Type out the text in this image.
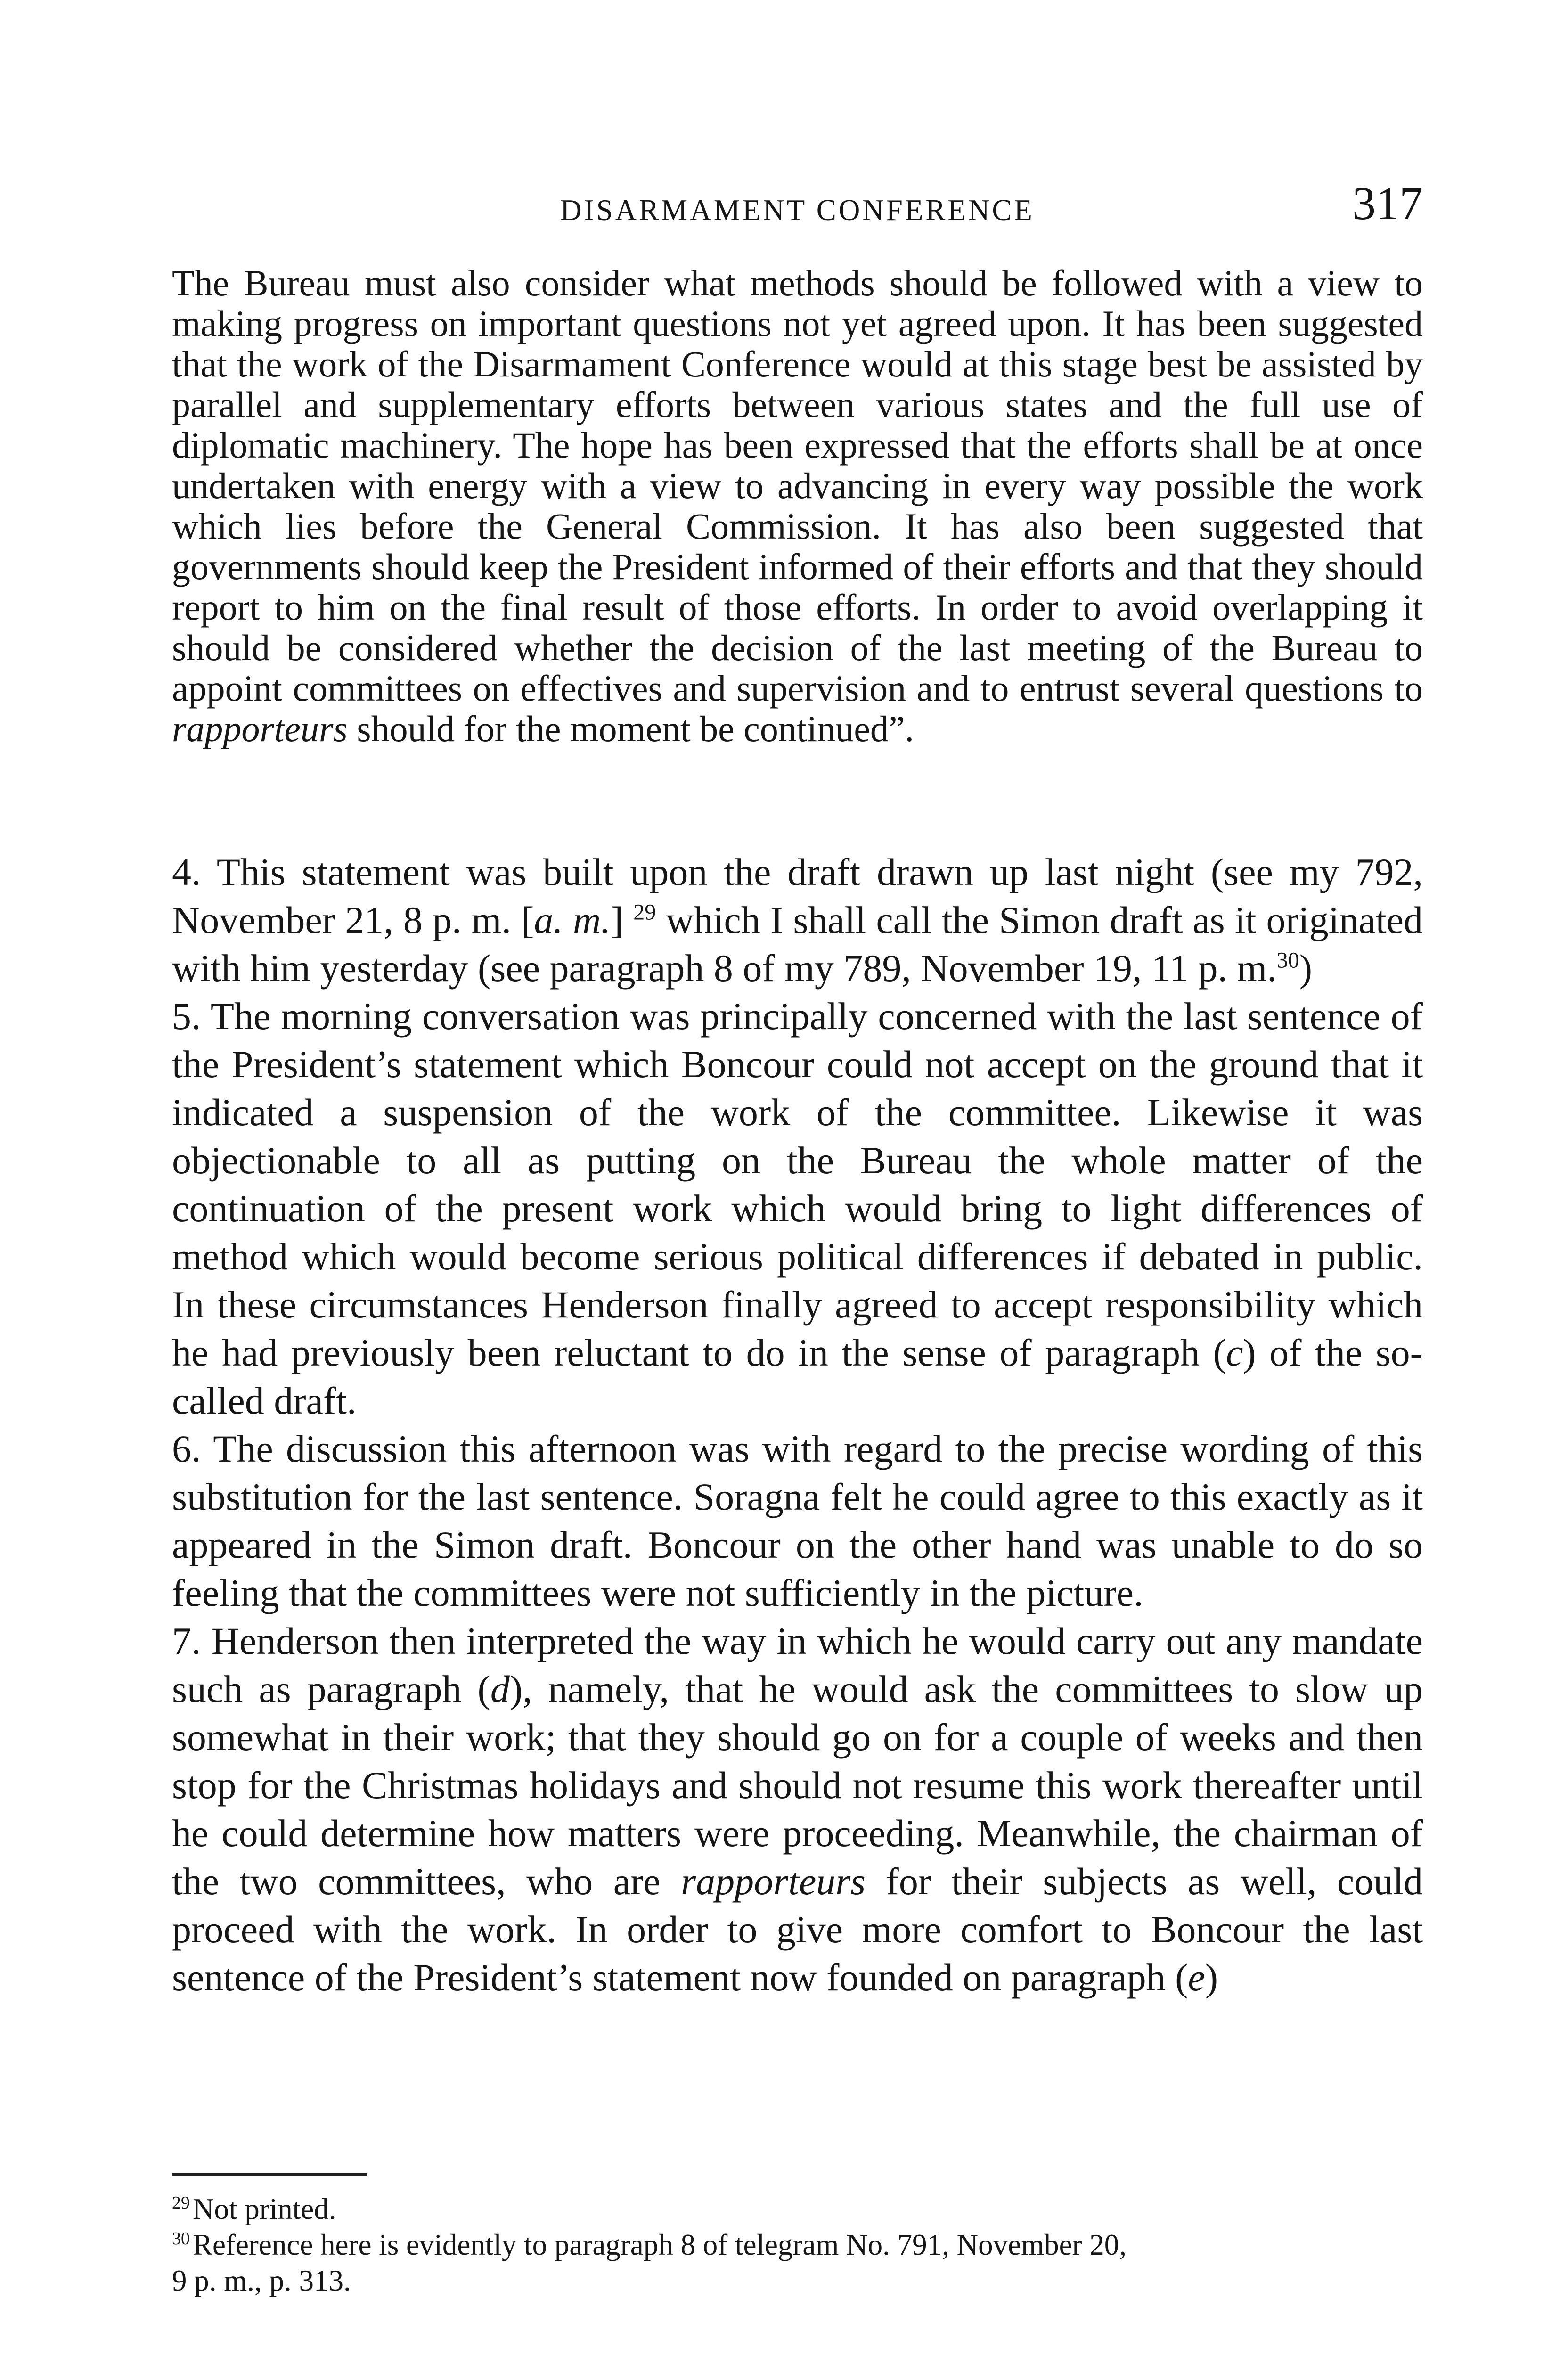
DISARMAMENT CONFERENCE	317

The Bureau must also consider what methods should be followed with a view to making progress on important questions not yet agreed upon. It has been suggested that the work of the Disarmament Conference would at this stage best be assisted by parallel and supplementary efforts between various states and the full use of diplomatic machinery. The hope has been expressed that the efforts shall be at once undertaken with energy with a view to advancing in every way possible the work which lies before the General Commission. It has also been suggested that governments should keep the President informed of their efforts and that they should report to him on the final result of those efforts. In order to avoid overlapping it should be considered whether the decision of the last meeting of the Bureau to appoint committees on effectives and supervision and to entrust several questions to rapporteurs should for the moment be continued”.

4. This statement was built upon the draft drawn up last night (see my 792, November 21, 8 p. m. [a. m.] $^{29}$ which I shall call the Simon draft as it originated with him yesterday (see paragraph 8 of my 789, November 19, 11 p. m.$^{30}$)

5. The morning conversation was principally concerned with the last sentence of the President’s statement which Boncour could not accept on the ground that it indicated a suspension of the work of the committee. Likewise it was objectionable to all as putting on the Bureau the whole matter of the continuation of the present work which would bring to light differences of method which would become serious political differences if debated in public. In these circumstances Henderson finally agreed to accept responsibility which he had previously been reluctant to do in the sense of paragraph (c) of the so-called draft.

6. The discussion this afternoon was with regard to the precise wording of this substitution for the last sentence. Soragna felt he could agree to this exactly as it appeared in the Simon draft. Boncour on the other hand was unable to do so feeling that the committees were not sufficiently in the picture.

7. Henderson then interpreted the way in which he would carry out any mandate such as paragraph (d), namely, that he would ask the committees to slow up somewhat in their work; that they should go on for a couple of weeks and then stop for the Christmas holidays and should not resume this work thereafter until he could determine how matters were proceeding. Meanwhile, the chairman of the two committees, who are rapporteurs for their subjects as well, could proceed with the work. In order to give more comfort to Boncour the last sentence of the President’s statement now founded on paragraph (e)

$^{29}$Not printed.

$^{30}$Reference here is evidently to paragraph 8 of telegram No. 791, November 20,

9 p. m., p. 313.
